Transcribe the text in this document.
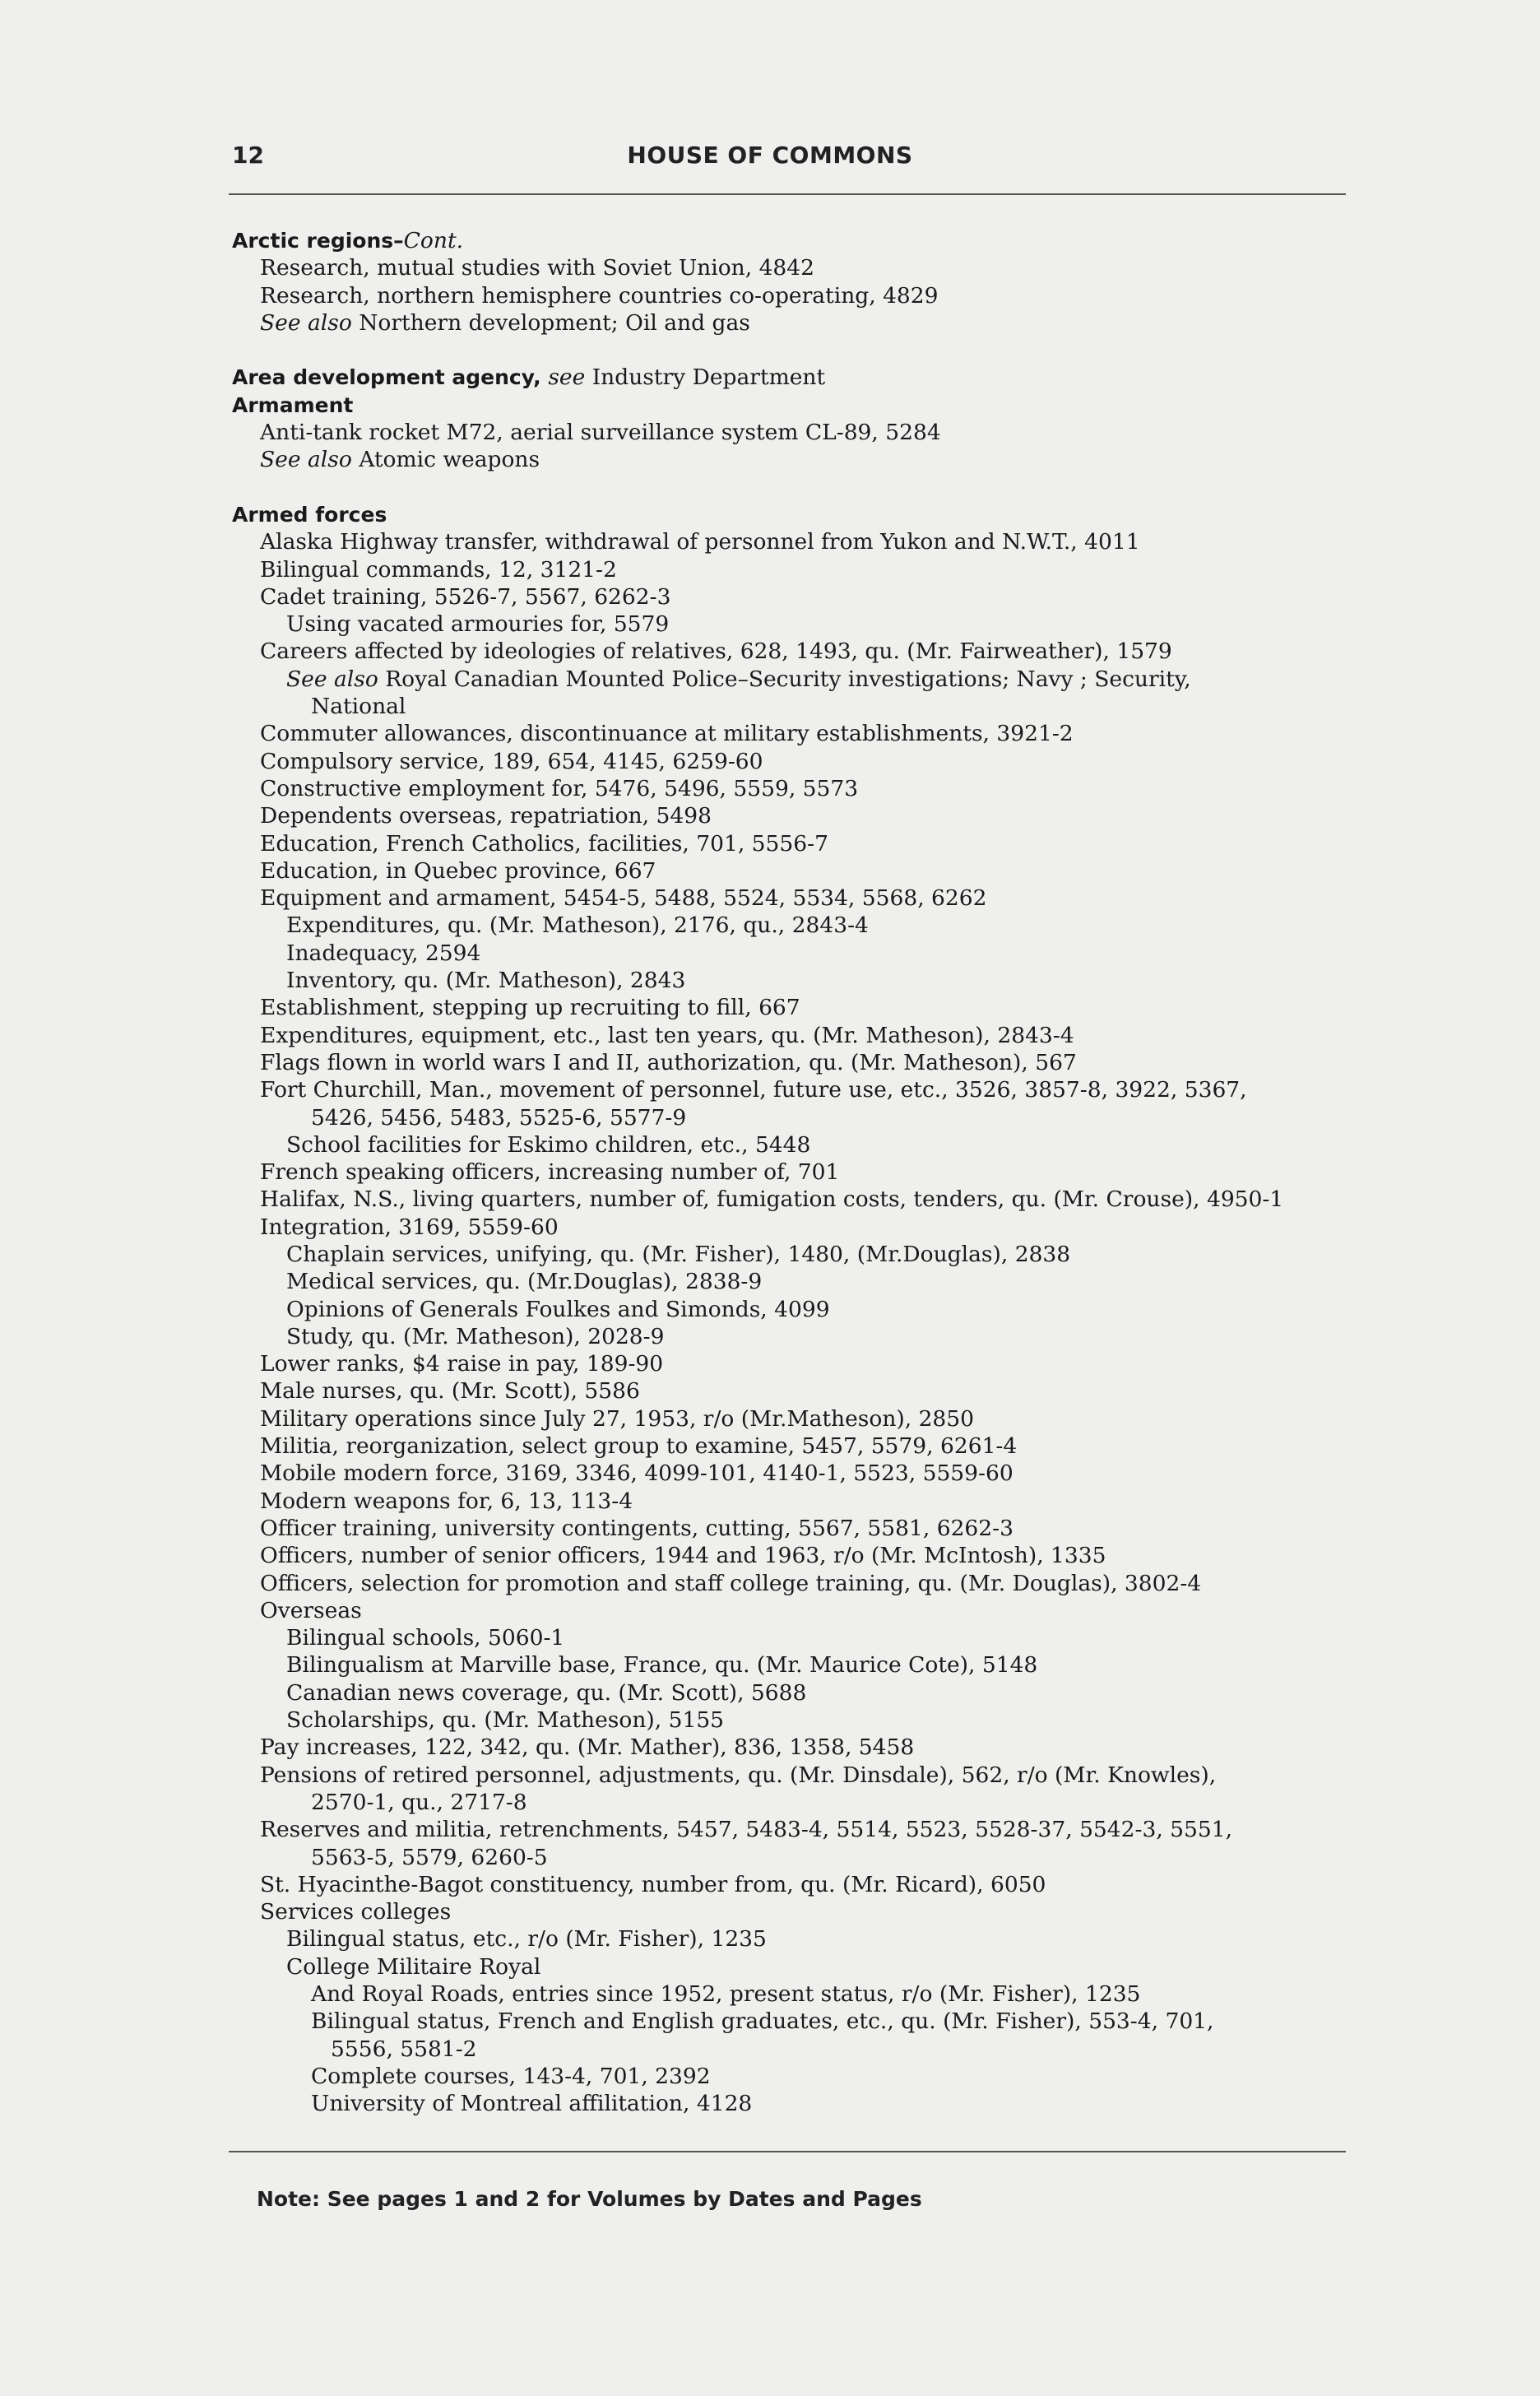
12	HOUSE OF COMMONS
Arctic regions–Cont.
Research, mutual studies with Soviet Union, 4842
Research, northern hemisphere countries co-operating, 4829
See also Northern development; Oil and gas
Area development agency, see Industry Department
Armament
Anti-tank rocket M72, aerial surveillance system CL-89, 5284
See also Atomic weapons
Armed forces
Alaska Highway transfer, withdrawal of personnel from Yukon and N.W.T., 4011
Bilingual commands, 12, 3121-2
Cadet training, 5526-7, 5567, 6262-3
Using vacated armouries for, 5579
Careers affected by ideologies of relatives, 628, 1493, qu. (Mr. Fairweather), 1579
See also Royal Canadian Mounted Police–Security investigations; Navy ; Security,
National
Commuter allowances, discontinuance at military establishments, 3921-2
Compulsory service, 189, 654, 4145, 6259-60
Constructive employment for, 5476, 5496, 5559, 5573
Dependents overseas, repatriation, 5498
Education, French Catholics, facilities, 701, 5556-7
Education, in Quebec province, 667
Equipment and armament, 5454-5, 5488, 5524, 5534, 5568, 6262
Expenditures, qu. (Mr. Matheson), 2176, qu., 2843-4
Inadequacy, 2594
Inventory, qu. (Mr. Matheson), 2843
Establishment, stepping up recruiting to fill, 667
Expenditures, equipment, etc., last ten years, qu. (Mr. Matheson), 2843-4
Flags flown in world wars I and II, authorization, qu. (Mr. Matheson), 567
Fort Churchill, Man., movement of personnel, future use, etc., 3526, 3857-8, 3922, 5367,
5426, 5456, 5483, 5525-6, 5577-9
School facilities for Eskimo children, etc., 5448
French speaking officers, increasing number of, 701
Halifax, N.S., living quarters, number of, fumigation costs, tenders, qu. (Mr. Crouse), 4950-1
Integration, 3169, 5559-60
Chaplain services, unifying, qu. (Mr. Fisher), 1480, (Mr.Douglas), 2838
Medical services, qu. (Mr.Douglas), 2838-9
Opinions of Generals Foulkes and Simonds, 4099
Study, qu. (Mr. Matheson), 2028-9
Lower ranks, $4 raise in pay, 189-90
Male nurses, qu. (Mr. Scott), 5586
Military operations since July 27, 1953, r/o (Mr.Matheson), 2850
Militia, reorganization, select group to examine, 5457, 5579, 6261-4
Mobile modern force, 3169, 3346, 4099-101, 4140-1, 5523, 5559-60
Modern weapons for, 6, 13, 113-4
Officer training, university contingents, cutting, 5567, 5581, 6262-3
Officers, number of senior officers, 1944 and 1963, r/o (Mr. McIntosh), 1335
Officers, selection for promotion and staff college training, qu. (Mr. Douglas), 3802-4
Overseas
Bilingual schools, 5060-1
Bilingualism at Marville base, France, qu. (Mr. Maurice Cote), 5148
Canadian news coverage, qu. (Mr. Scott), 5688
Scholarships, qu. (Mr. Matheson), 5155
Pay increases, 122, 342, qu. (Mr. Mather), 836, 1358, 5458
Pensions of retired personnel, adjustments, qu. (Mr. Dinsdale), 562, r/o (Mr. Knowles),
2570-1, qu., 2717-8
Reserves and militia, retrenchments, 5457, 5483-4, 5514, 5523, 5528-37, 5542-3, 5551,
5563-5, 5579, 6260-5
St. Hyacinthe-Bagot constituency, number from, qu. (Mr. Ricard), 6050
Services colleges
Bilingual status, etc., r/o (Mr. Fisher), 1235
College Militaire Royal
And Royal Roads, entries since 1952, present status, r/o (Mr. Fisher), 1235
Bilingual status, French and English graduates, etc., qu. (Mr. Fisher), 553-4, 701,
5556, 5581-2
Complete courses, 143-4, 701, 2392
University of Montreal affilitation, 4128
Note: See pages 1 and 2 for Volumes by Dates and Pages
